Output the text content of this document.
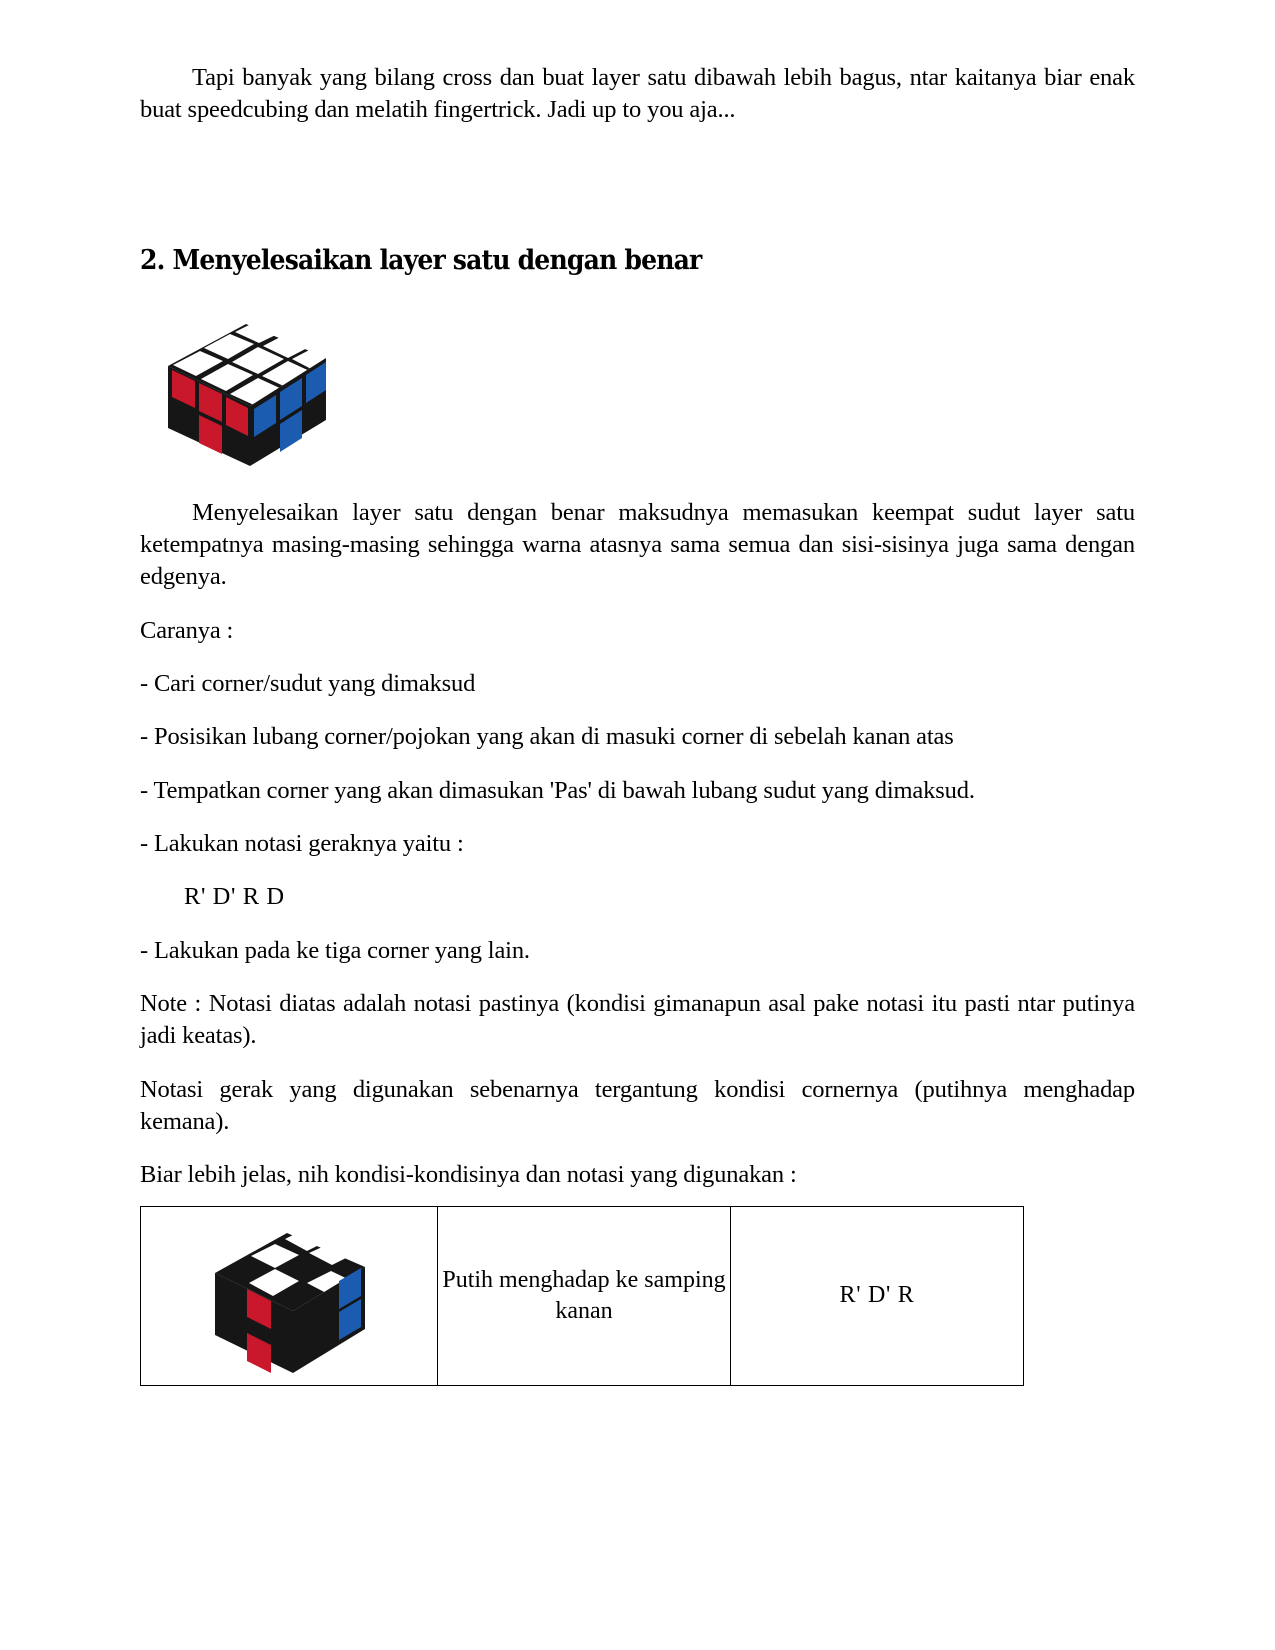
Tapi banyak yang bilang cross dan buat layer satu dibawah lebih bagus, ntar kaitanya biar enak buat speedcubing dan melatih fingertrick. Jadi up to you aja...

2. Menyelesaikan layer satu dengan benar

Menyelesaikan layer satu dengan benar maksudnya memasukan keempat sudut layer satu ketempatnya masing-masing sehingga warna atasnya sama semua dan sisi-sisinya juga sama dengan edgenya.

Caranya :

- Cari corner/sudut yang dimaksud

- Posisikan lubang corner/pojokan yang akan di masuki corner di sebelah kanan atas

- Tempatkan corner yang akan dimasukan 'Pas' di bawah lubang sudut yang dimaksud.

- Lakukan notasi geraknya yaitu :

R' D' R D

- Lakukan pada ke tiga corner yang lain.

Note : Notasi diatas adalah notasi pastinya (kondisi gimanapun asal pake notasi itu pasti ntar putinya jadi keatas).

Notasi gerak yang digunakan sebenarnya tergantung kondisi cornernya (putihnya menghadap kemana).

Biar lebih jelas, nih kondisi-kondisinya dan notasi yang digunakan :

	Putih menghadap ke samping kanan	R' D' R
